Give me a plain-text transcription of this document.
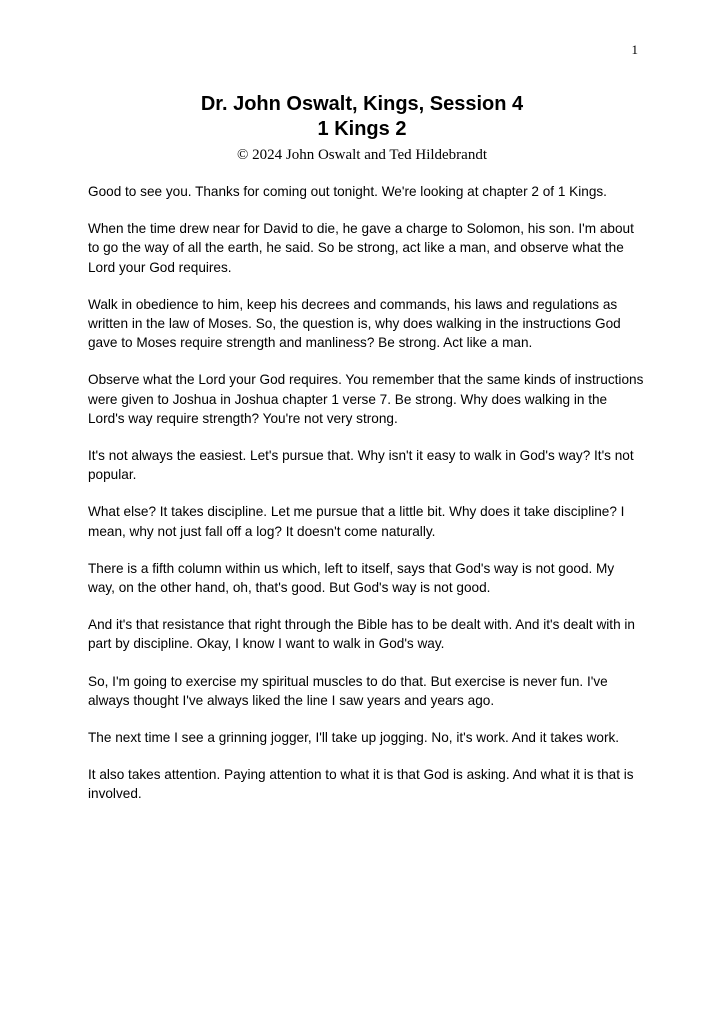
1
Dr. John Oswalt, Kings, Session 4
1 Kings 2
© 2024 John Oswalt and Ted Hildebrandt

Good to see you. Thanks for coming out tonight. We're looking at chapter 2 of 1 Kings.

When the time drew near for David to die, he gave a charge to Solomon, his son. I'm about to go the way of all the earth, he said. So be strong, act like a man, and observe what the Lord your God requires.

Walk in obedience to him, keep his decrees and commands, his laws and regulations as written in the law of Moses. So, the question is, why does walking in the instructions God gave to Moses require strength and manliness? Be strong. Act like a man.

Observe what the Lord your God requires. You remember that the same kinds of instructions were given to Joshua in Joshua chapter 1 verse 7. Be strong. Why does walking in the Lord's way require strength? You're not very strong.

It's not always the easiest. Let's pursue that. Why isn't it easy to walk in God's way? It's not popular.

What else? It takes discipline. Let me pursue that a little bit. Why does it take discipline? I mean, why not just fall off a log? It doesn't come naturally.

There is a fifth column within us which, left to itself, says that God's way is not good. My way, on the other hand, oh, that's good. But God's way is not good.

And it's that resistance that right through the Bible has to be dealt with. And it's dealt with in part by discipline. Okay, I know I want to walk in God's way.

So, I'm going to exercise my spiritual muscles to do that. But exercise is never fun. I've always thought I've always liked the line I saw years and years ago.

The next time I see a grinning jogger, I'll take up jogging. No, it's work. And it takes work.

It also takes attention. Paying attention to what it is that God is asking. And what it is that is involved.
